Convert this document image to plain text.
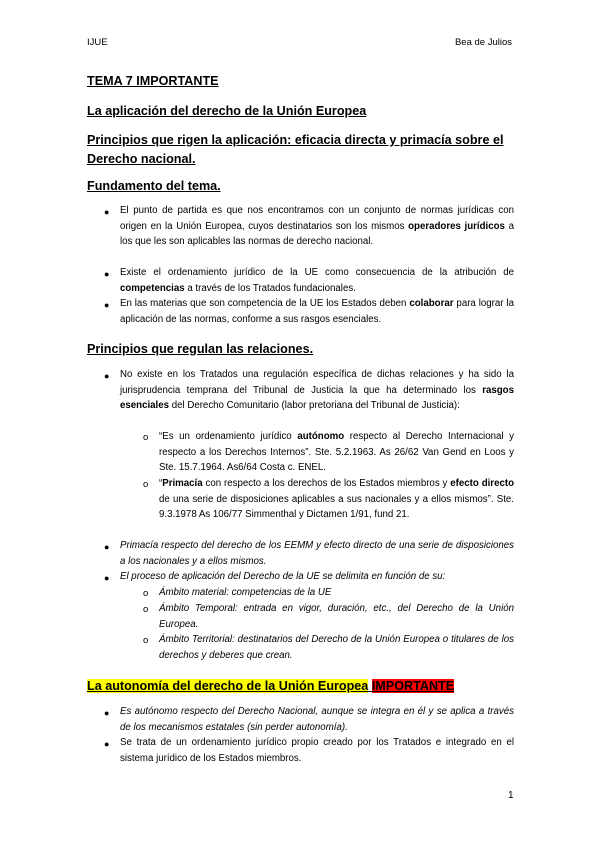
IJUE	Bea de Julios
TEMA 7 IMPORTANTE
La aplicación del derecho de la Unión Europea
Principios que rigen la aplicación: eficacia directa y primacía sobre el Derecho nacional.
Fundamento del tema.
● El punto de partida es que nos encontramos con un conjunto de normas jurídicas con origen en la Unión Europea, cuyos destinatarios son los mismos operadores jurídicos a los que les son aplicables las normas de derecho nacional.
● Existe el ordenamiento jurídico de la UE como consecuencia de la atribución de competencias a través de los Tratados fundacionales.
● En las materias que son competencia de la UE los Estados deben colaborar para lograr la aplicación de las normas, conforme a sus rasgos esenciales.
Principios que regulan las relaciones.
● No existe en los Tratados una regulación específica de dichas relaciones y ha sido la jurisprudencia temprana del Tribunal de Justicia la que ha determinado los rasgos esenciales del Derecho Comunitario (labor pretoriana del Tribunal de Justicia):
o “Es un ordenamiento jurídico autónomo respecto al Derecho Internacional y respecto a los Derechos Internos”. Ste. 5.2.1963. As 26/62 Van Gend en Loos y Ste. 15.7.1964. As6/64 Costa c. ENEL.
o “Primacía con respecto a los derechos de los Estados miembros y efecto directo de una serie de disposiciones aplicables a sus nacionales y a ellos mismos”. Ste. 9.3.1978 As 106/77 Simmenthal y Dictamen 1/91, fund 21.
● Primacía respecto del derecho de los EEMM y efecto directo de una serie de disposiciones a los nacionales y a ellos mismos.
● El proceso de aplicación del Derecho de la UE se delimita en función de su:
o Ámbito material: competencias de la UE
o Ámbito Temporal: entrada en vigor, duración, etc., del Derecho de la Unión Europea.
o Ámbito Territorial: destinatarios del Derecho de la Unión Europea o titulares de los derechos y deberes que crean.
La autonomía del derecho de la Unión Europea IMPORTANTE
● Es autónomo respecto del Derecho Nacional, aunque se integra en él y se aplica a través de los mecanismos estatales (sin perder autonomía).
● Se trata de un ordenamiento jurídico propio creado por los Tratados e integrado en el sistema jurídico de los Estados miembros.
1
